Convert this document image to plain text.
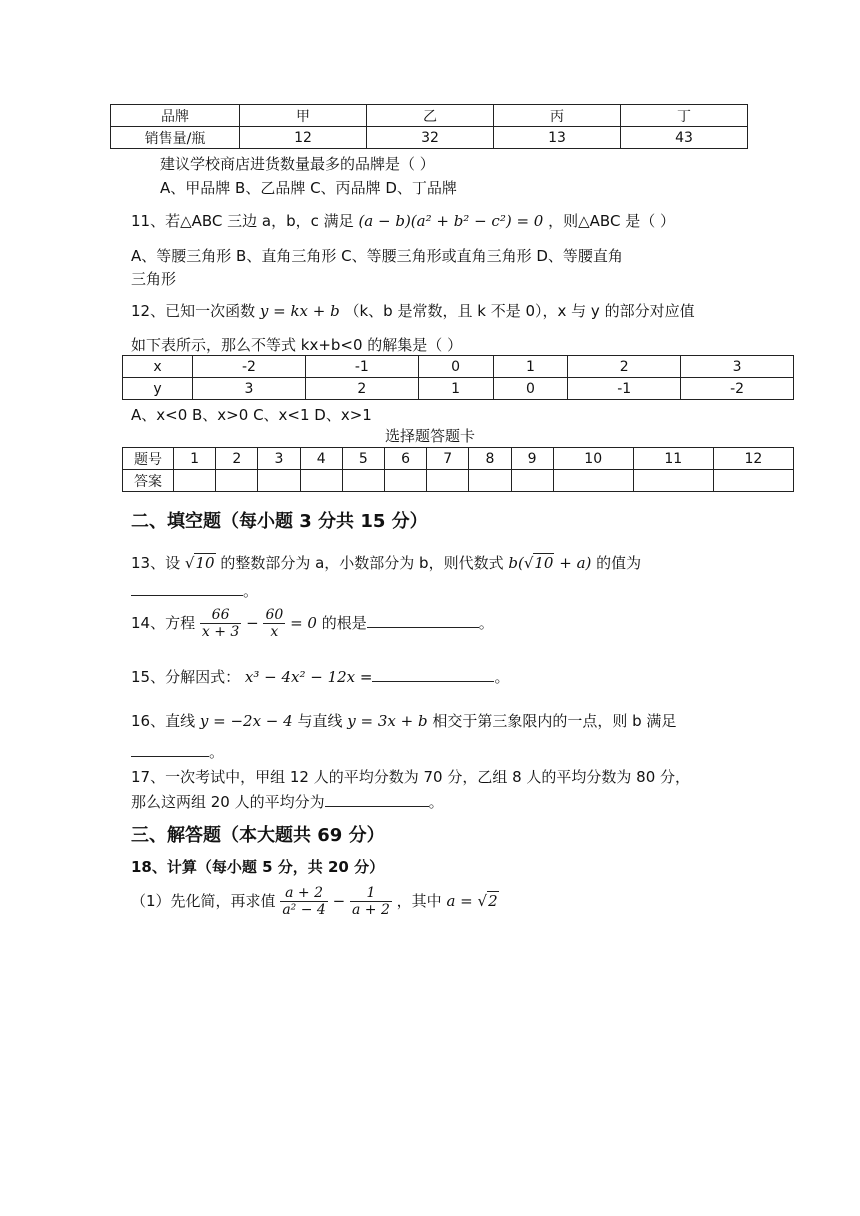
品牌	甲	乙	丙	丁
销售量/瓶	12	32	13	43
建议学校商店进货数量最多的品牌是（ ）
A、甲品牌 B、乙品牌 C、丙品牌 D、丁品牌
11、若△ABC 三边 a，b，c 满足 (a − b)(a² + b² − c²) = 0 ，则△ABC 是（ ）
A、等腰三角形 B、直角三角形 C、等腰三角形或直角三角形 D、等腰直角
三角形
12、已知一次函数 y = kx + b （k、b 是常数，且 k 不是 0），x 与 y 的部分对应值
如下表所示，那么不等式 kx+b<0 的解集是（ ）
x	-2	-1	0	1	2	3
y	3	2	1	0	-1	-2
A、x<0 B、x>0 C、x<1 D、x>1
选择题答题卡
题号	1	2	3	4	5	6	7	8	9	10	11	12
答案												
二、填空题（每小题 3 分共 15 分）
13、设 √10 的整数部分为 a，小数部分为 b，则代数式 b(√10 + a) 的值为
。
14、方程 $\frac{66}{x + 3} - \frac{60}{x} = 0$ 的根是	。
15、分解因式： x³ − 4x² − 12x =	。
16、直线 y = −2x − 4 与直线 y = 3x + b 相交于第三象限内的一点，则 b 满足
。
17、一次考试中，甲组 12 人的平均分数为 70 分，乙组 8 人的平均分数为 80 分，
那么这两组 20 人的平均分为	。
三、解答题（本大题共 69 分）
18、计算（每小题 5 分，共 20 分）
（1）先化简，再求值 $\frac{a + 2}{\text{a² − 4}} - \frac{1}{a + 2}$ ，其中 a = √2
